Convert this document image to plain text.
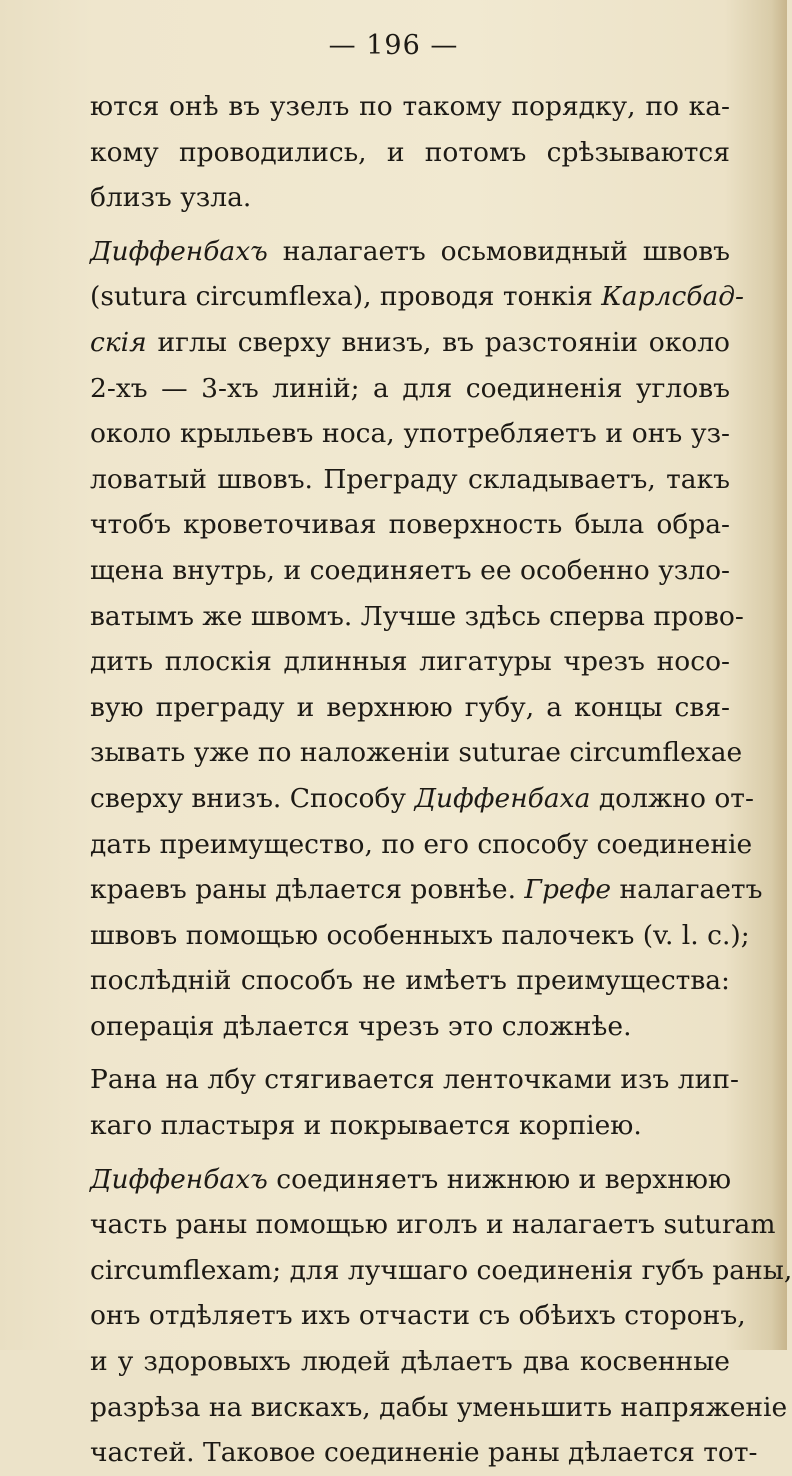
— 196 —
ются онѣ въ узелъ по такому порядку, по ка-
кому проводились, и потомъ срѣзываются
близъ узла.
Диффенбахъ налагаетъ осьмовидный швовъ
(sutura circumflexa), проводя тонкія Карлсбад-
скія иглы сверху внизъ, въ разстояніи около
2-хъ — 3-хъ линій; а для соединенія угловъ
около крыльевъ носа, употребляетъ и онъ уз-
ловатый швовъ. Преграду складываетъ, такъ
чтобъ кроветочивая поверхность была обра-
щена внутрь, и соединяетъ ее особенно узло-
ватымъ же швомъ. Лучше здѣсь сперва прово-
дить плоскія длинныя лигатуры чрезъ носо-
вую преграду и верхнюю губу, а концы свя-
зывать уже по наложеніи suturae circumflexae
сверху внизъ. Способу Диффенбаха должно от-
дать преимущество, по его способу соединеніе
краевъ раны дѣлается ровнѣе. Грефе налагаетъ
швовъ помощью особенныхъ палочекъ (v. l. c.);
послѣдній способъ не имѣетъ преимущества:
операція дѣлается чрезъ это сложнѣе.
Рана на лбу стягивается ленточками изъ лип-
каго пластыря и покрывается корпіею.
Диффенбахъ соединяетъ нижнюю и верхнюю
часть раны помощью иголъ и налагаетъ suturam
circumflexam; для лучшаго соединенія губъ раны,
онъ отдѣляетъ ихъ отчасти съ обѣихъ сторонъ,
и у здоровыхъ людей дѣлаетъ два косвенные
разрѣза на вискахъ, дабы уменьшить напряженіе
частей. Таковое соединеніе раны дѣлается тот-
